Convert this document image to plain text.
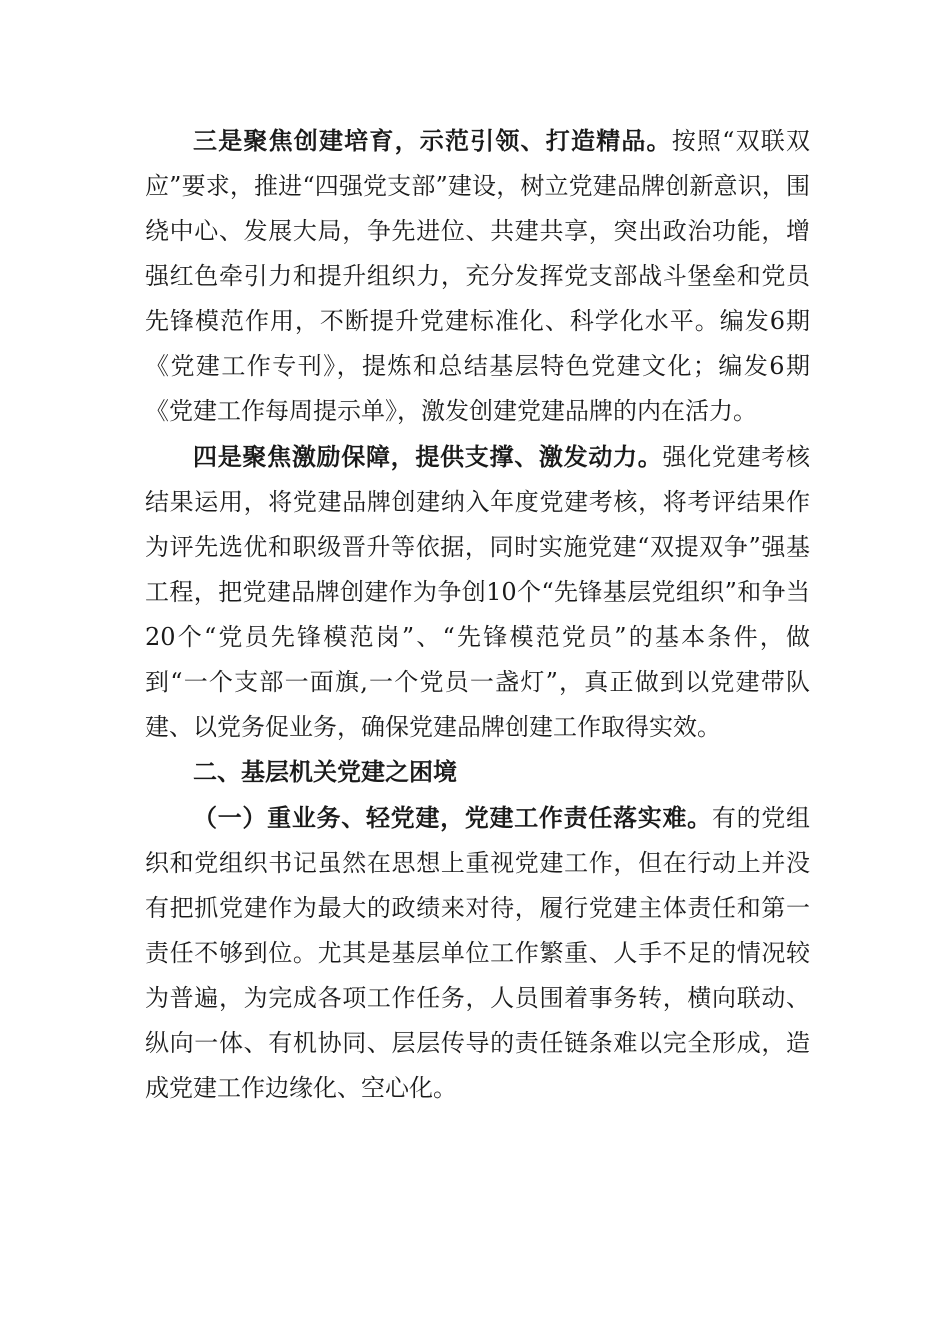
三是聚焦创建培育，示范引领、打造精品。按照“双联双应”要求，推进“四强党支部”建设，树立党建品牌创新意识，围绕中心、发展大局，争先进位、共建共享，突出政治功能，增强红色牵引力和提升组织力，充分发挥党支部战斗堡垒和党员先锋模范作用，不断提升党建标准化、科学化水平。编发6期《党建工作专刊》，提炼和总结基层特色党建文化；编发6期《党建工作每周提示单》，激发创建党建品牌的内在活力。

四是聚焦激励保障，提供支撑、激发动力。强化党建考核结果运用，将党建品牌创建纳入年度党建考核，将考评结果作为评先选优和职级晋升等依据，同时实施党建“双提双争”强基工程，把党建品牌创建作为争创10个“先锋基层党组织”和争当20个“党员先锋模范岗”、“先锋模范党员”的基本条件，做到“一个支部一面旗,一个党员一盏灯”，真正做到以党建带队建、以党务促业务，确保党建品牌创建工作取得实效。

二、基层机关党建之困境

（一）重业务、轻党建，党建工作责任落实难。有的党组织和党组织书记虽然在思想上重视党建工作，但在行动上并没有把抓党建作为最大的政绩来对待，履行党建主体责任和第一责任不够到位。尤其是基层单位工作繁重、人手不足的情况较为普遍，为完成各项工作任务，人员围着事务转，横向联动、纵向一体、有机协同、层层传导的责任链条难以完全形成，造成党建工作边缘化、空心化。
